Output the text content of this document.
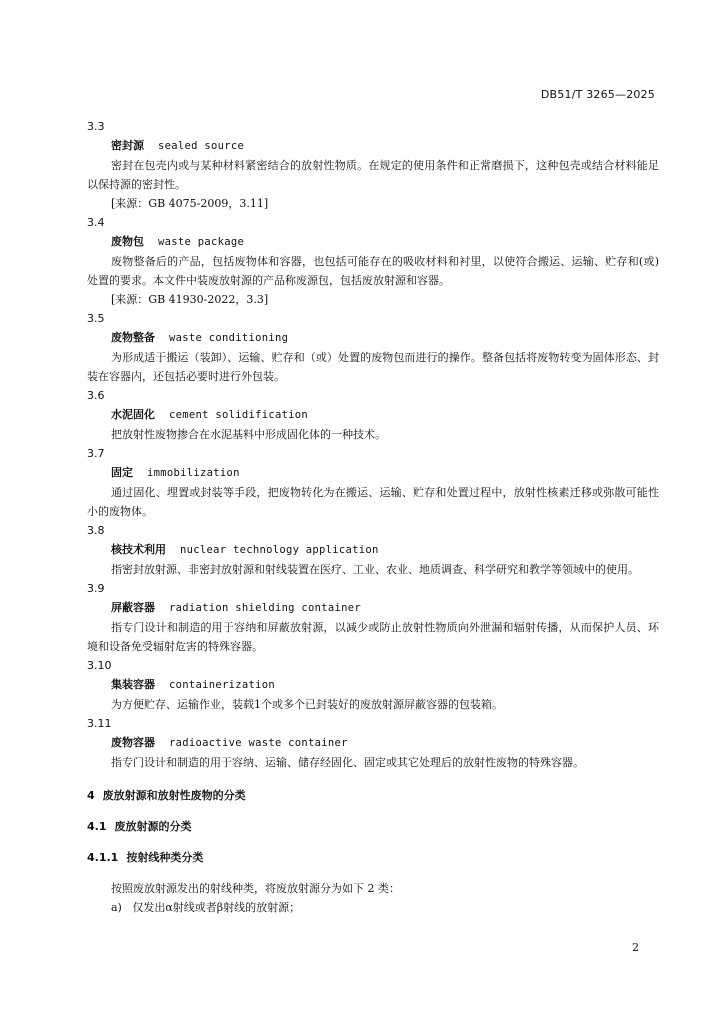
DB51/T 3265—2025
3.3
密封源 sealed source
密封在包壳内或与某种材料紧密结合的放射性物质。在规定的使用条件和正常磨损下，这种包壳或结合材料能足以保持源的密封性。
[来源：GB 4075-2009，3.11]
3.4
废物包 waste package
废物整备后的产品，包括废物体和容器，也包括可能存在的吸收材料和衬里，以使符合搬运、运输、贮存和(或) 处置的要求。本文件中装废放射源的产品称废源包，包括废放射源和容器。
[来源：GB 41930-2022，3.3]
3.5
废物整备 waste conditioning
为形成适于搬运（装卸）、运输、贮存和（或）处置的废物包而进行的操作。整备包括将废物转变为固体形态、封装在容器内，还包括必要时进行外包装。
3.6
水泥固化 cement solidification
把放射性废物掺合在水泥基料中形成固化体的一种技术。
3.7
固定 immobilization
通过固化、埋置或封装等手段，把废物转化为在搬运、运输、贮存和处置过程中，放射性核素迁移或弥散可能性小的废物体。
3.8
核技术利用 nuclear technology application
指密封放射源、非密封放射源和射线装置在医疗、工业、农业、地质调查、科学研究和教学等领域中的使用。
3.9
屏蔽容器 radiation shielding container
指专门设计和制造的用于容纳和屏蔽放射源，以减少或防止放射性物质向外泄漏和辐射传播，从而保护人员、环境和设备免受辐射危害的特殊容器。
3.10
集装容器 containerization
为方便贮存、运输作业，装载1个或多个已封装好的废放射源屏蔽容器的包装箱。
3.11
废物容器 radioactive waste container
指专门设计和制造的用于容纳、运输、储存经固化、固定或其它处理后的放射性废物的特殊容器。
4 废放射源和放射性废物的分类
4.1 废放射源的分类
4.1.1 按射线种类分类
按照废放射源发出的射线种类，将废放射源分为如下 2 类：
a) 仅发出α射线或者β射线的放射源；
2
